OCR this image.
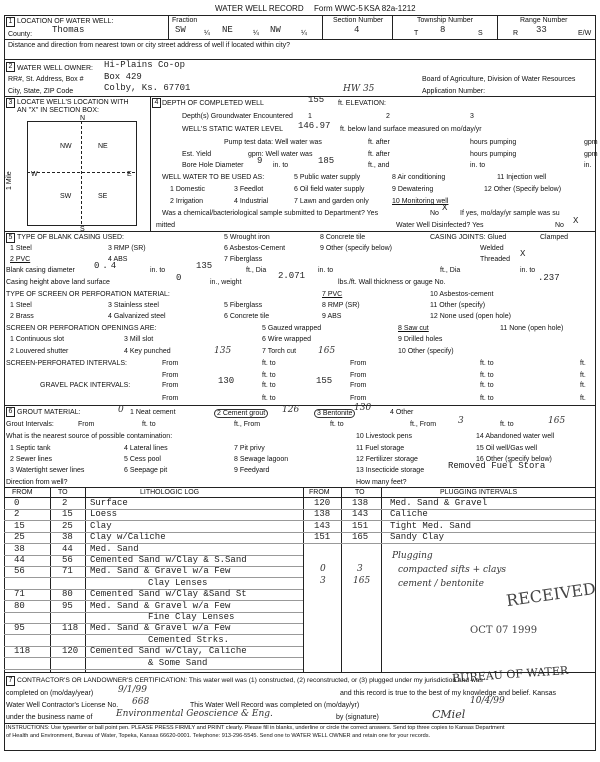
WATER WELL RECORD Form WWC-5 KSA 82a-1212
1 LOCATION OF WATER WELL:	Fraction
County: Thomas	SW	¼ NE	¼ NW	¼
Section Number
4
Township Number
T 8	S
Range Number
R 33	E/W
Distance and direction from nearest town or city street address of well if located within city?
2 WATER WELL OWNER: Hi-Plains Co-op
RR#, St. Address, Box # Box 429	Board of Agriculture, Division of Water Resources
City, State, ZIP Code	Colby, Ks. 67701	HW 35	Application Number:
3 LOCATE WELL'S LOCATION WITH
AN "X" IN SECTION BOX:
4
N
S
W	E
1 Mile
NW	NE
SW	SE
DEPTH OF COMPLETED WELL	155 ft. ELEVATION:
Depth(s) Groundwater Encountered 1	2	3
WELL'S STATIC WATER LEVEL 146.97 ft. below land surface measured on mo/day/yr
Pump test data: Well water was	ft. after	hours pumping	gpm
Est. Yield	gpm: Well water was	ft. after	hours pumping	gpm
Bore Hole Diameter 9 in. to	185	ft., and	in. to	in.
WELL WATER TO BE USED AS:	5 Public water supply	8 Air conditioning	11 Injection well
1 Domestic	3 Feedlot	6 Oil field water supply	9 Dewatering	12 Other (Specify below)
2 Irrigation	4 Industrial	7 Lawn and garden only	10 Monitoring well
Was a chemical/bacteriological sample submitted to Department? Yes	No
X
If yes, mo/day/yr sample was su
mitted	Water Well Disinfected? Yes	No X
5 TYPE OF BLANK CASING USED:	5 Wrought iron	8 Concrete tile	CASING JOINTS: Glued	Clamped
1 Steel	3 RMP (SR)	6 Asbestos-Cement	9 Other (specify below)	Welded
2 PVC	4 ABS	7 Fiberglass	Threaded
X
Blank casing diameter 0.4	in. to	135	ft., Dia	in. to	ft., Dia	in. to
Casing height above land surface	0	in., weight
2.071
lbs./ft. Wall thickness or gauge No.	.237
TYPE OF SCREEN OR PERFORATION MATERIAL:	7 PVC	10 Asbestos-cement
1 Steel	3 Stainless steel	5 Fiberglass	8 RMP (SR)	11 Other (specify)
2 Brass	4 Galvanized steel	6 Concrete tile	9 ABS	12 None used (open hole)
SCREEN OR PERFORATION OPENINGS ARE:	5 Gauzed wrapped	8 Saw cut	11 None (open hole)
1 Continuous slot	3 Mill slot	6 Wire wrapped	9 Drilled holes
2 Louvered shutter	4 Key punched	135	7 Torch cut 165	10 Other (specify)
SCREEN-PERFORATED INTERVALS:	From	ft. to	From	ft. to	ft.
From	ft. to	From	ft. to	ft.
GRAVEL PACK INTERVALS:	From	130	ft. to	155	From	ft. to	ft.
From	ft. to	From	ft. to	ft.
6 GROUT MATERIAL:	0 1 Neat cement	2 Cement grout	126	3 Bentonite
130	4 Other
Grout Intervals:	From	ft. to	ft., From	ft. to	ft., From 3	ft. to	165
What is the nearest source of possible contamination:	10 Livestock pens	14 Abandoned water well
1 Septic tank	4 Lateral lines	7 Pit privy	11 Fuel storage	15 Oil well/Gas well
2 Sewer lines	5 Cess pool	8 Sewage lagoon	12 Fertilizer storage	16 Other (specify below)
3 Watertight sewer lines	6 Seepage pit	9 Feedyard	13 Insecticide storage	Removed Fuel Stora
Direction from well?	How many feet?
FROM	TO	LITHOLOGIC LOG	FROM	TO	PLUGGING INTERVALS
0	2	Surface
2	15 Loess
15	25 Clay
25	38 Clay w/Caliche
38	44 Med. Sand
44	56 Cemented Sand w/Clay & S.Sand
56	71 Med. Sand & Gravel w/a Few
Clay Lenses
71	80 Cemented Sand w/Clay &Sand St
80	95 Med. Sand & Gravel w/a Few
Fine Clay Lenses
95	118 Med. Sand & Gravel w/a Few
Cemented Strks.
118	120 Cemented Sand w/Clay, Caliche
& Some Sand
120 138 Med. Sand & Gravel
138 143 Caliche
143 151 Tight Med. Sand
151 165 Sandy Clay
0	3
3	165
Plugging
compacted sifts + clays
cement / bentonite RECEIVED
OCT 07 1999
BUREAU OF WATER
7 CONTRACTOR'S OR LANDOWNER'S CERTIFICATION: This water well was (1) constructed, (2) reconstructed, or (3) plugged under my jurisdiction and was
completed on (mo/day/year)	9/1/99	and this record is true to the best of my knowledge and belief. Kansas
Water Well Contractor's License No. 668	This Water Well Record was completed on (mo/day/yr)	10/4/99
under the business name of	Environmental Geoscience & Eng.	by (signature)	CMiel
INSTRUCTIONS: Use typewriter or ball point pen. PLEASE PRESS FIRMLY and PRINT clearly. Please fill in blanks, underline or circle the correct answers. Send top three copies to Kansas Department
of Health and Environment, Bureau of Water, Topeka, Kansas 66620-0001. Telephone: 913-296-5545. Send one to WATER WELL OWNER and retain one for your records.
